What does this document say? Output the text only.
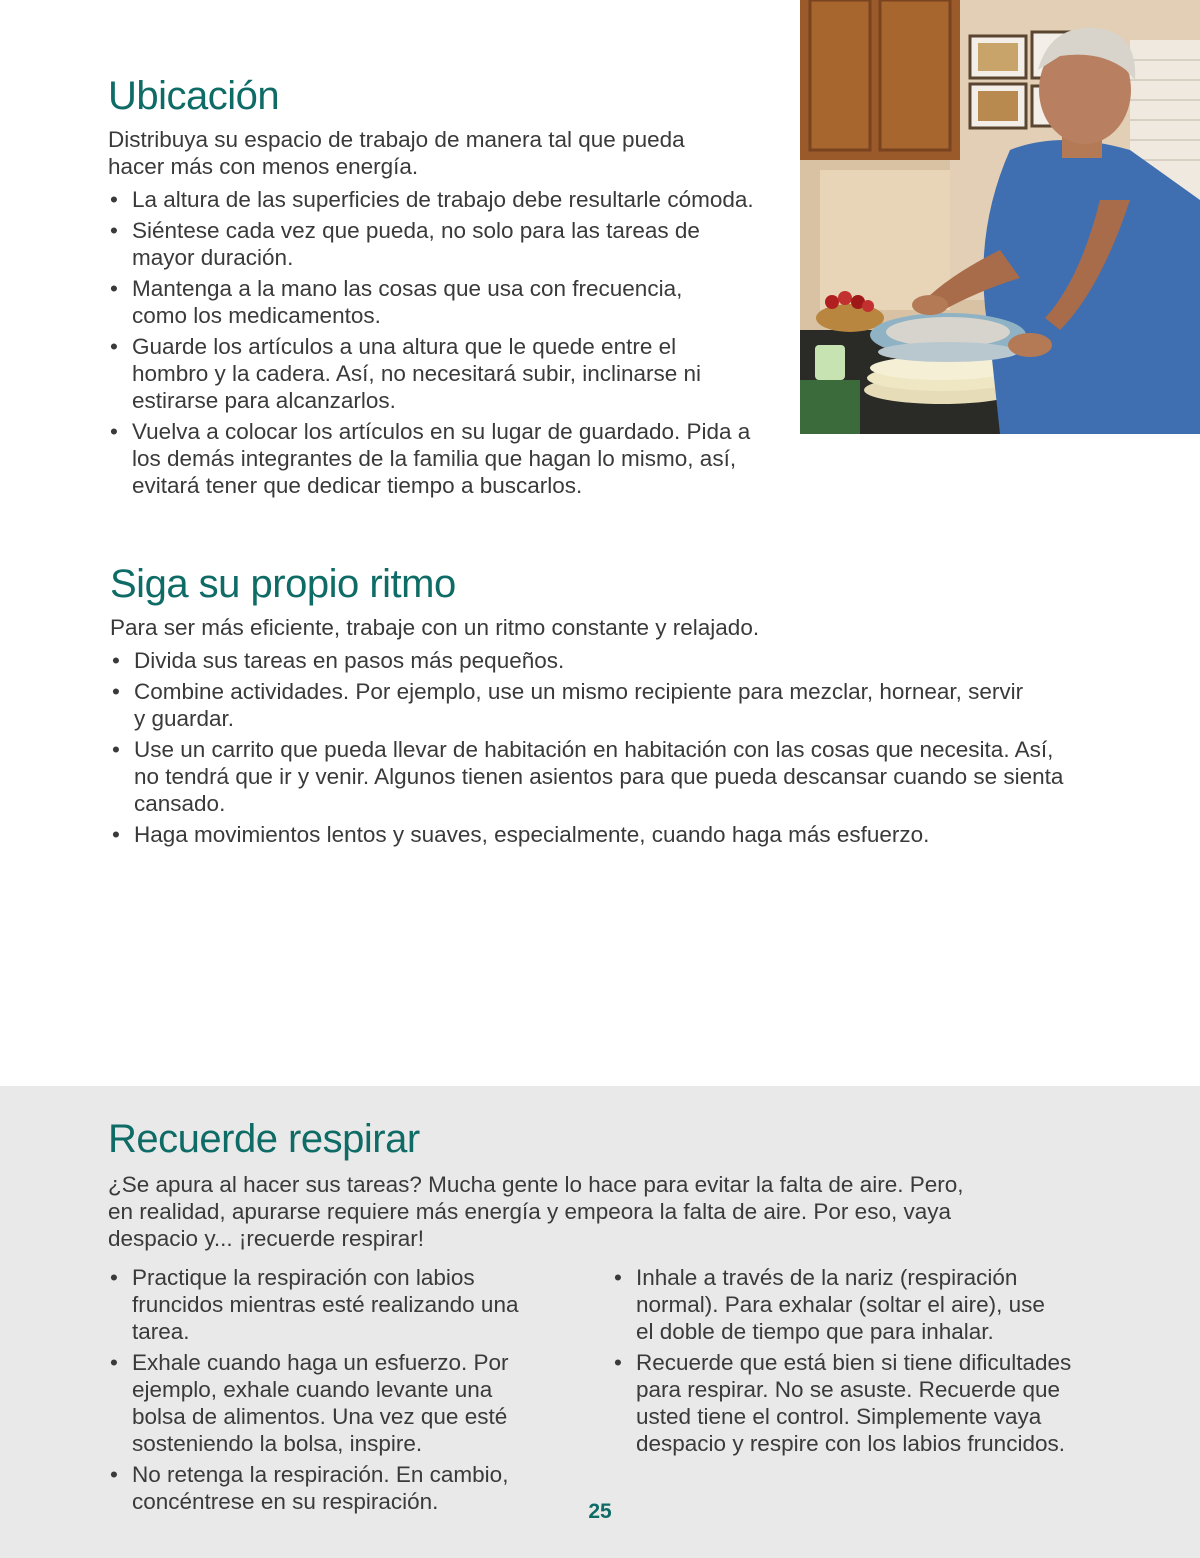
Ubicación

Distribuya su espacio de trabajo de manera tal que pueda hacer más con menos energía.

• La altura de las superficies de trabajo debe resultarle cómoda.
• Siéntese cada vez que pueda, no solo para las tareas de mayor duración.
• Mantenga a la mano las cosas que usa con frecuencia, como los medicamentos.
• Guarde los artículos a una altura que le quede entre el hombro y la cadera. Así, no necesitará subir, inclinarse ni estirarse para alcanzarlos.
• Vuelva a colocar los artículos en su lugar de guardado. Pida a los demás integrantes de la familia que hagan lo mismo, así, evitará tener que dedicar tiempo a buscarlos.
Siga su propio ritmo

Para ser más eficiente, trabaje con un ritmo constante y relajado.

• Divida sus tareas en pasos más pequeños.
• Combine actividades. Por ejemplo, use un mismo recipiente para mezclar, hornear, servir y guardar.
• Use un carrito que pueda llevar de habitación en habitación con las cosas que necesita. Así, no tendrá que ir y venir. Algunos tienen asientos para que pueda descansar cuando se sienta cansado.
• Haga movimientos lentos y suaves, especialmente, cuando haga más esfuerzo.
Recuerde respirar

¿Se apura al hacer sus tareas? Mucha gente lo hace para evitar la falta de aire. Pero, en realidad, apurarse requiere más energía y empeora la falta de aire. Por eso, vaya despacio y... ¡recuerde respirar!

• Practique la respiración con labios fruncidos mientras esté realizando una tarea.
• Exhale cuando haga un esfuerzo. Por ejemplo, exhale cuando levante una bolsa de alimentos. Una vez que esté sosteniendo la bolsa, inspire.
• No retenga la respiración. En cambio, concéntrese en su respiración.
• Inhale a través de la nariz (respiración normal). Para exhalar (soltar el aire), use el doble de tiempo que para inhalar.
• Recuerde que está bien si tiene dificultades para respirar. No se asuste. Recuerde que usted tiene el control. Simplemente vaya despacio y respire con los labios fruncidos.
25
